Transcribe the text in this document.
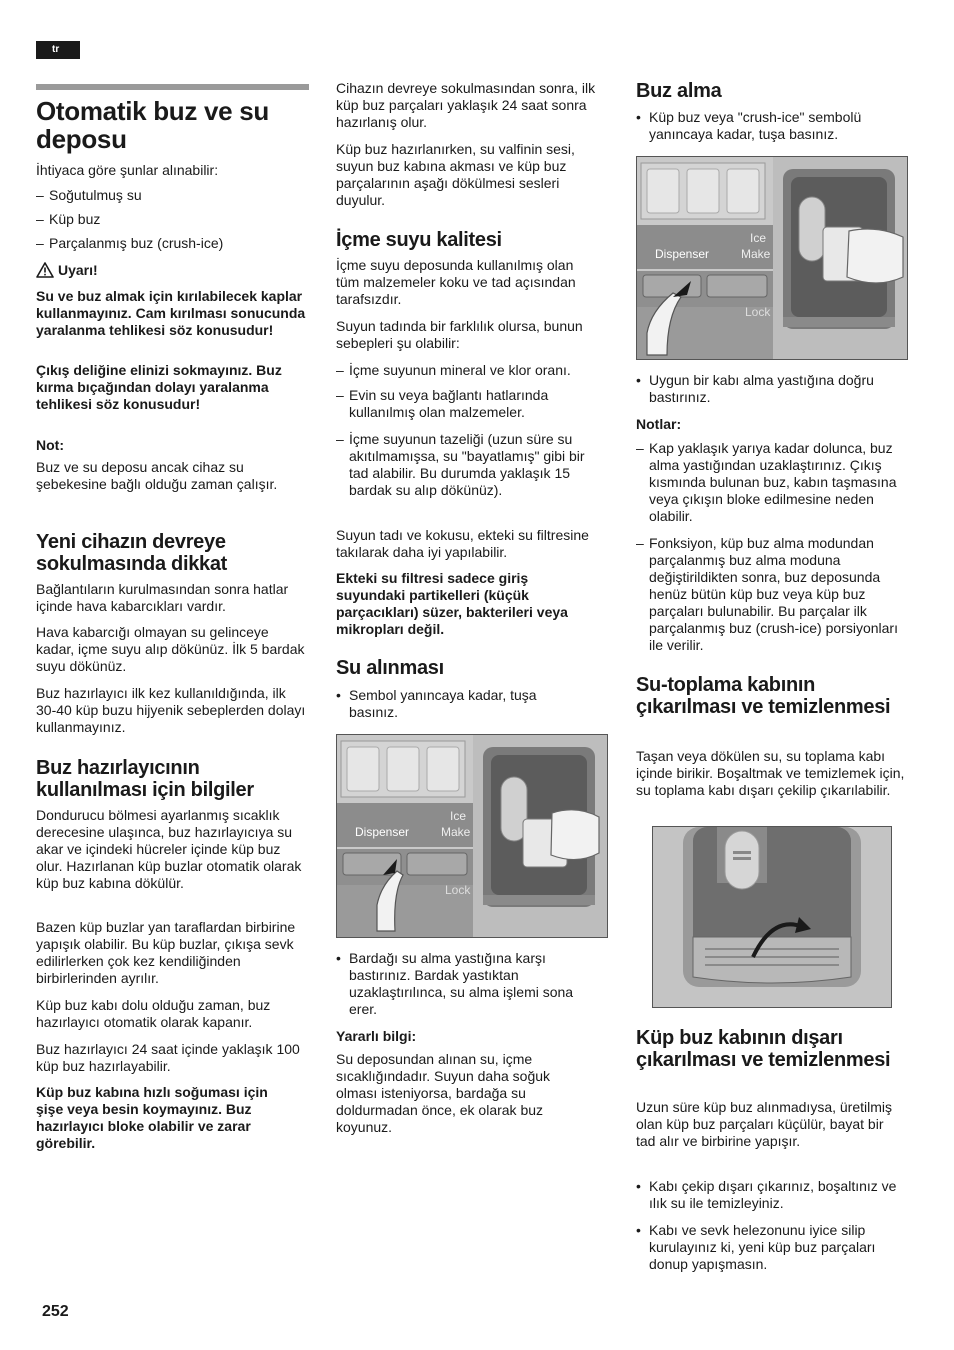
tr
Otomatik buz ve su deposu

İhtiyaca göre şunlar alınabilir:

– Soğutulmuş su
– Küp buz
– Parçalanmış buz (crush-ice)
Uyarı!

Su ve buz almak için kırılabilecek kaplar kullanmayınız. Cam kırılması sonucunda yaralanma tehlikesi söz konusudur!

Çıkış deliğine elinizi sokmayınız. Buz kırma bıçağından dolayı yaralanma tehlikesi söz konusudur!

Not:

Buz ve su deposu ancak cihaz su şebekesine bağlı olduğu zaman çalışır.

Yeni cihazın devreye sokulmasında dikkat

Bağlantıların kurulmasından sonra hatlar içinde hava kabarcıkları vardır.

Hava kabarcığı olmayan su gelinceye kadar, içme suyu alıp dökünüz. İlk 5 bardak suyu dökünüz.

Buz hazırlayıcı ilk kez kullanıldığında, ilk 30-40 küp buzu hijyenik sebeplerden dolayı kullanmayınız.

Buz hazırlayıcının kullanılması için bilgiler

Dondurucu bölmesi ayarlanmış sıcaklık derecesine ulaşınca, buz hazırlayıcıya su akar ve içindeki hücreler içinde küp buz olur. Hazırlanan küp buzlar otomatik olarak küp buz kabına dökülür.

Bazen küp buzlar yan taraflardan birbirine yapışık olabilir. Bu küp buzlar, çıkışa sevk edilirlerken çok kez kendiliğinden birbirlerinden ayrılır.

Küp buz kabı dolu olduğu zaman, buz hazırlayıcı otomatik olarak kapanır.

Buz hazırlayıcı 24 saat içinde yaklaşık 100 küp buz hazırlayabilir.

Küp buz kabına hızlı soğuması için şişe veya besin koymayınız. Buz hazırlayıcı bloke olabilir ve zarar görebilir.

Cihazın devreye sokulmasından sonra, ilk küp buz parçaları yaklaşık 24 saat sonra hazırlanış olur.

Küp buz hazırlanırken, su valfinin sesi, suyun buz kabına akması ve küp buz parçalarının aşağı dökülmesi sesleri duyulur.

İçme suyu kalitesi

İçme suyu deposunda kullanılmış olan tüm malzemeler koku ve tad açısından tarafsızdır.

Suyun tadında bir farklılık olursa, bunun sebepleri şu olabilir:

– İçme suyunun mineral ve klor oranı.
– Evin su veya bağlantı hatlarında kullanılmış olan malzemeler.
– İçme suyunun tazeliği (uzun süre su akıtılmamışsa, su "bayatlamış" gibi bir tad alabilir. Bu durumda yaklaşık 15 bardak su alıp dökünüz).

Suyun tadı ve kokusu, ekteki su filtresine takılarak daha iyi yapılabilir.

Ekteki su filtresi sadece giriş suyundaki partikelleri (küçük parçacıkları) süzer, bakterileri veya mikropları değil.

Su alınması
• Sembol yanıncaya kadar, tuşa basınız.
Dispenser
Ice
Make
Lock
• Bardağı su alma yastığına karşı bastırınız. Bardak yastıktan uzaklaştırılınca, su alma işlemi sona erer.

Yararlı bilgi:

Su deposundan alınan su, içme sıcaklığındadır. Suyun daha soğuk olması isteniyorsa, bardağa su doldurmadan önce, ek olarak buz koyunuz.

Buz alma
• Küp buz veya "crush-ice" sembolü yanıncaya kadar, tuşa basınız.
Dispenser
Ice
Make
Lock
• Uygun bir kabı alma yastığına doğru bastırınız.

Notlar:

– Kap yaklaşık yarıya kadar dolunca, buz alma yastığından uzaklaştırınız. Çıkış kısmında bulunan buz, kabın taşmasına veya çıkışın bloke edilmesine neden olabilir.
– Fonksiyon, küp buz alma modundan parçalanmış buz alma moduna değiştirildikten sonra, buz deposunda henüz bütün küp buz veya küp buz parçaları bulunabilir. Bu parçalar ilk parçalanmış buz (crush-ice) porsiyonları ile verilir.
Su-toplama kabının çıkarılması ve temizlenmesi

Taşan veya dökülen su, su toplama kabı içinde birikir. Boşaltmak ve temizlemek için, su toplama kabı dışarı çekilip çıkarılabilir.

Küp buz kabının dışarı çıkarılması ve temizlenmesi

Uzun süre küp buz alınmadıysa, üretilmiş olan küp buz parçaları küçülür, bayat bir tad alır ve birbirine yapışır.

• Kabı çekip dışarı çıkarınız, boşaltınız ve ılık su ile temizleyiniz.
• Kabı ve sevk helezonunu iyice silip kurulayınız ki, yeni küp buz parçaları donup yapışmasın.
252
